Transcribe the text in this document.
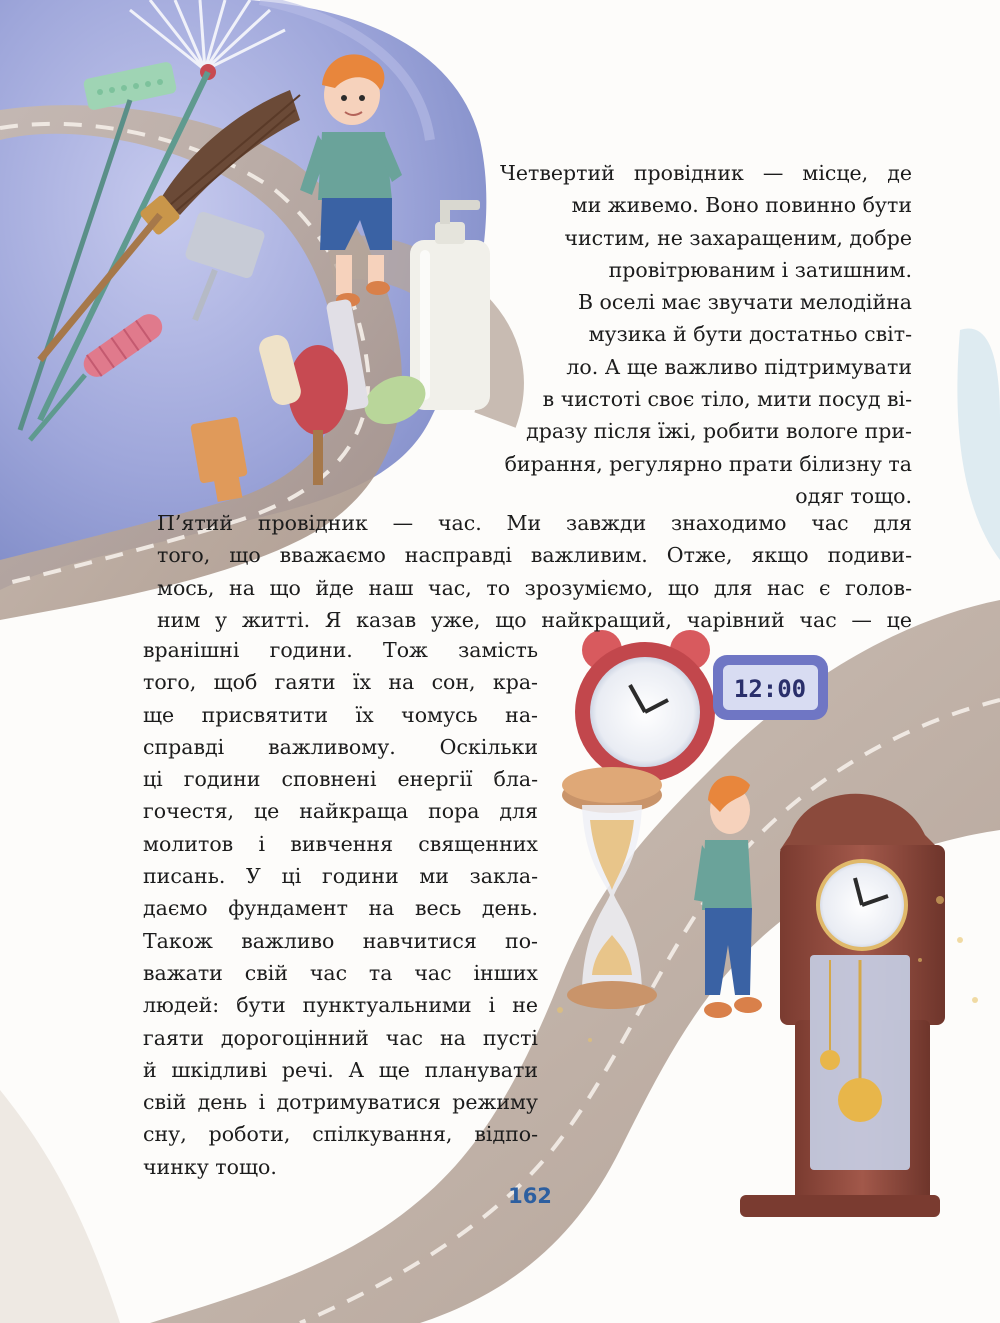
12:00
Четвертий провідник — місце, де
ми живемо. Воно повинно бути
чистим, не захаращеним, добре
провітрюваним і затишним.
В оселі має звучати мелодійна
музика й бути достатньо світ-
ло. А ще важливо підтримувати
в чистоті своє тіло, мити посуд ві-
дразу після їжі, робити вологе при-
бирання, регулярно прати білизну та
одяг тощо.
П’ятий провідник — час. Ми завжди знаходимо час для
того, що вважаємо насправді важливим. Отже, якщо подиви-
мось, на що йде наш час, то зрозуміємо, що для нас є голов-
ним у житті. Я казав уже, що найкращий, чарівний час — це
вранішні години. Тож замість
того, щоб гаяти їх на сон, кра-
ще присвятити їх чомусь на-
справді важливому. Оскільки
ці години сповнені енергії бла-
гочестя, це найкраща пора для
молитов і вивчення священних
писань. У ці години ми закла-
даємо фундамент на весь день.
Також важливо навчитися по-
важати свій час та час інших
людей: бути пунктуальними і не
гаяти дорогоцінний час на пусті
й шкідливі речі. А ще планувати
свій день і дотримуватися режиму
сну, роботи, спілкування, відпо-
чинку тощо.
162
